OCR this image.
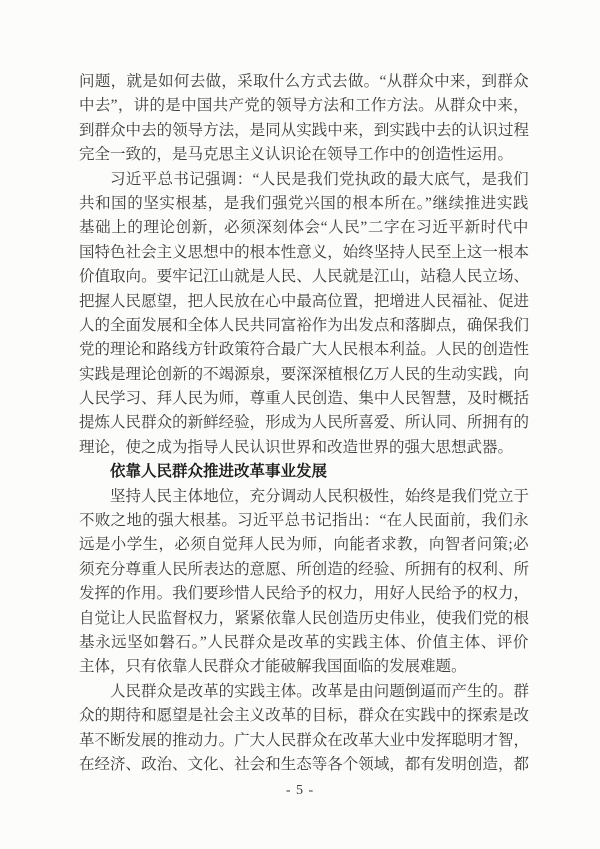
问题，就是如何去做，采取什么方式去做。“从群众中来，到群众
中去”，讲的是中国共产党的领导方法和工作方法。从群众中来，
到群众中去的领导方法，是同从实践中来，到实践中去的认识过程
完全一致的，是马克思主义认识论在领导工作中的创造性运用。
习近平总书记强调：“人民是我们党执政的最大底气，是我们
共和国的坚实根基，是我们强党兴国的根本所在。”继续推进实践
基础上的理论创新，必须深刻体会“人民”二字在习近平新时代中
国特色社会主义思想中的根本性意义，始终坚持人民至上这一根本
价值取向。要牢记江山就是人民、人民就是江山，站稳人民立场、
把握人民愿望，把人民放在心中最高位置，把增进人民福祉、促进
人的全面发展和全体人民共同富裕作为出发点和落脚点，确保我们
党的理论和路线方针政策符合最广大人民根本利益。人民的创造性
实践是理论创新的不竭源泉，要深深植根亿万人民的生动实践，向
人民学习、拜人民为师，尊重人民创造、集中人民智慧，及时概括
提炼人民群众的新鲜经验，形成为人民所喜爱、所认同、所拥有的
理论，使之成为指导人民认识世界和改造世界的强大思想武器。
依靠人民群众推进改革事业发展
坚持人民主体地位，充分调动人民积极性，始终是我们党立于
不败之地的强大根基。习近平总书记指出：“在人民面前，我们永
远是小学生，必须自觉拜人民为师，向能者求教，向智者问策;必
须充分尊重人民所表达的意愿、所创造的经验、所拥有的权利、所
发挥的作用。我们要珍惜人民给予的权力，用好人民给予的权力，
自觉让人民监督权力，紧紧依靠人民创造历史伟业，使我们党的根
基永远坚如磐石。”人民群众是改革的实践主体、价值主体、评价
主体，只有依靠人民群众才能破解我国面临的发展难题。
人民群众是改革的实践主体。改革是由问题倒逼而产生的。群
众的期待和愿望是社会主义改革的目标，群众在实践中的探索是改
革不断发展的推动力。广大人民群众在改革大业中发挥聪明才智，
在经济、政治、文化、社会和生态等各个领域，都有发明创造，都
- 5 -
